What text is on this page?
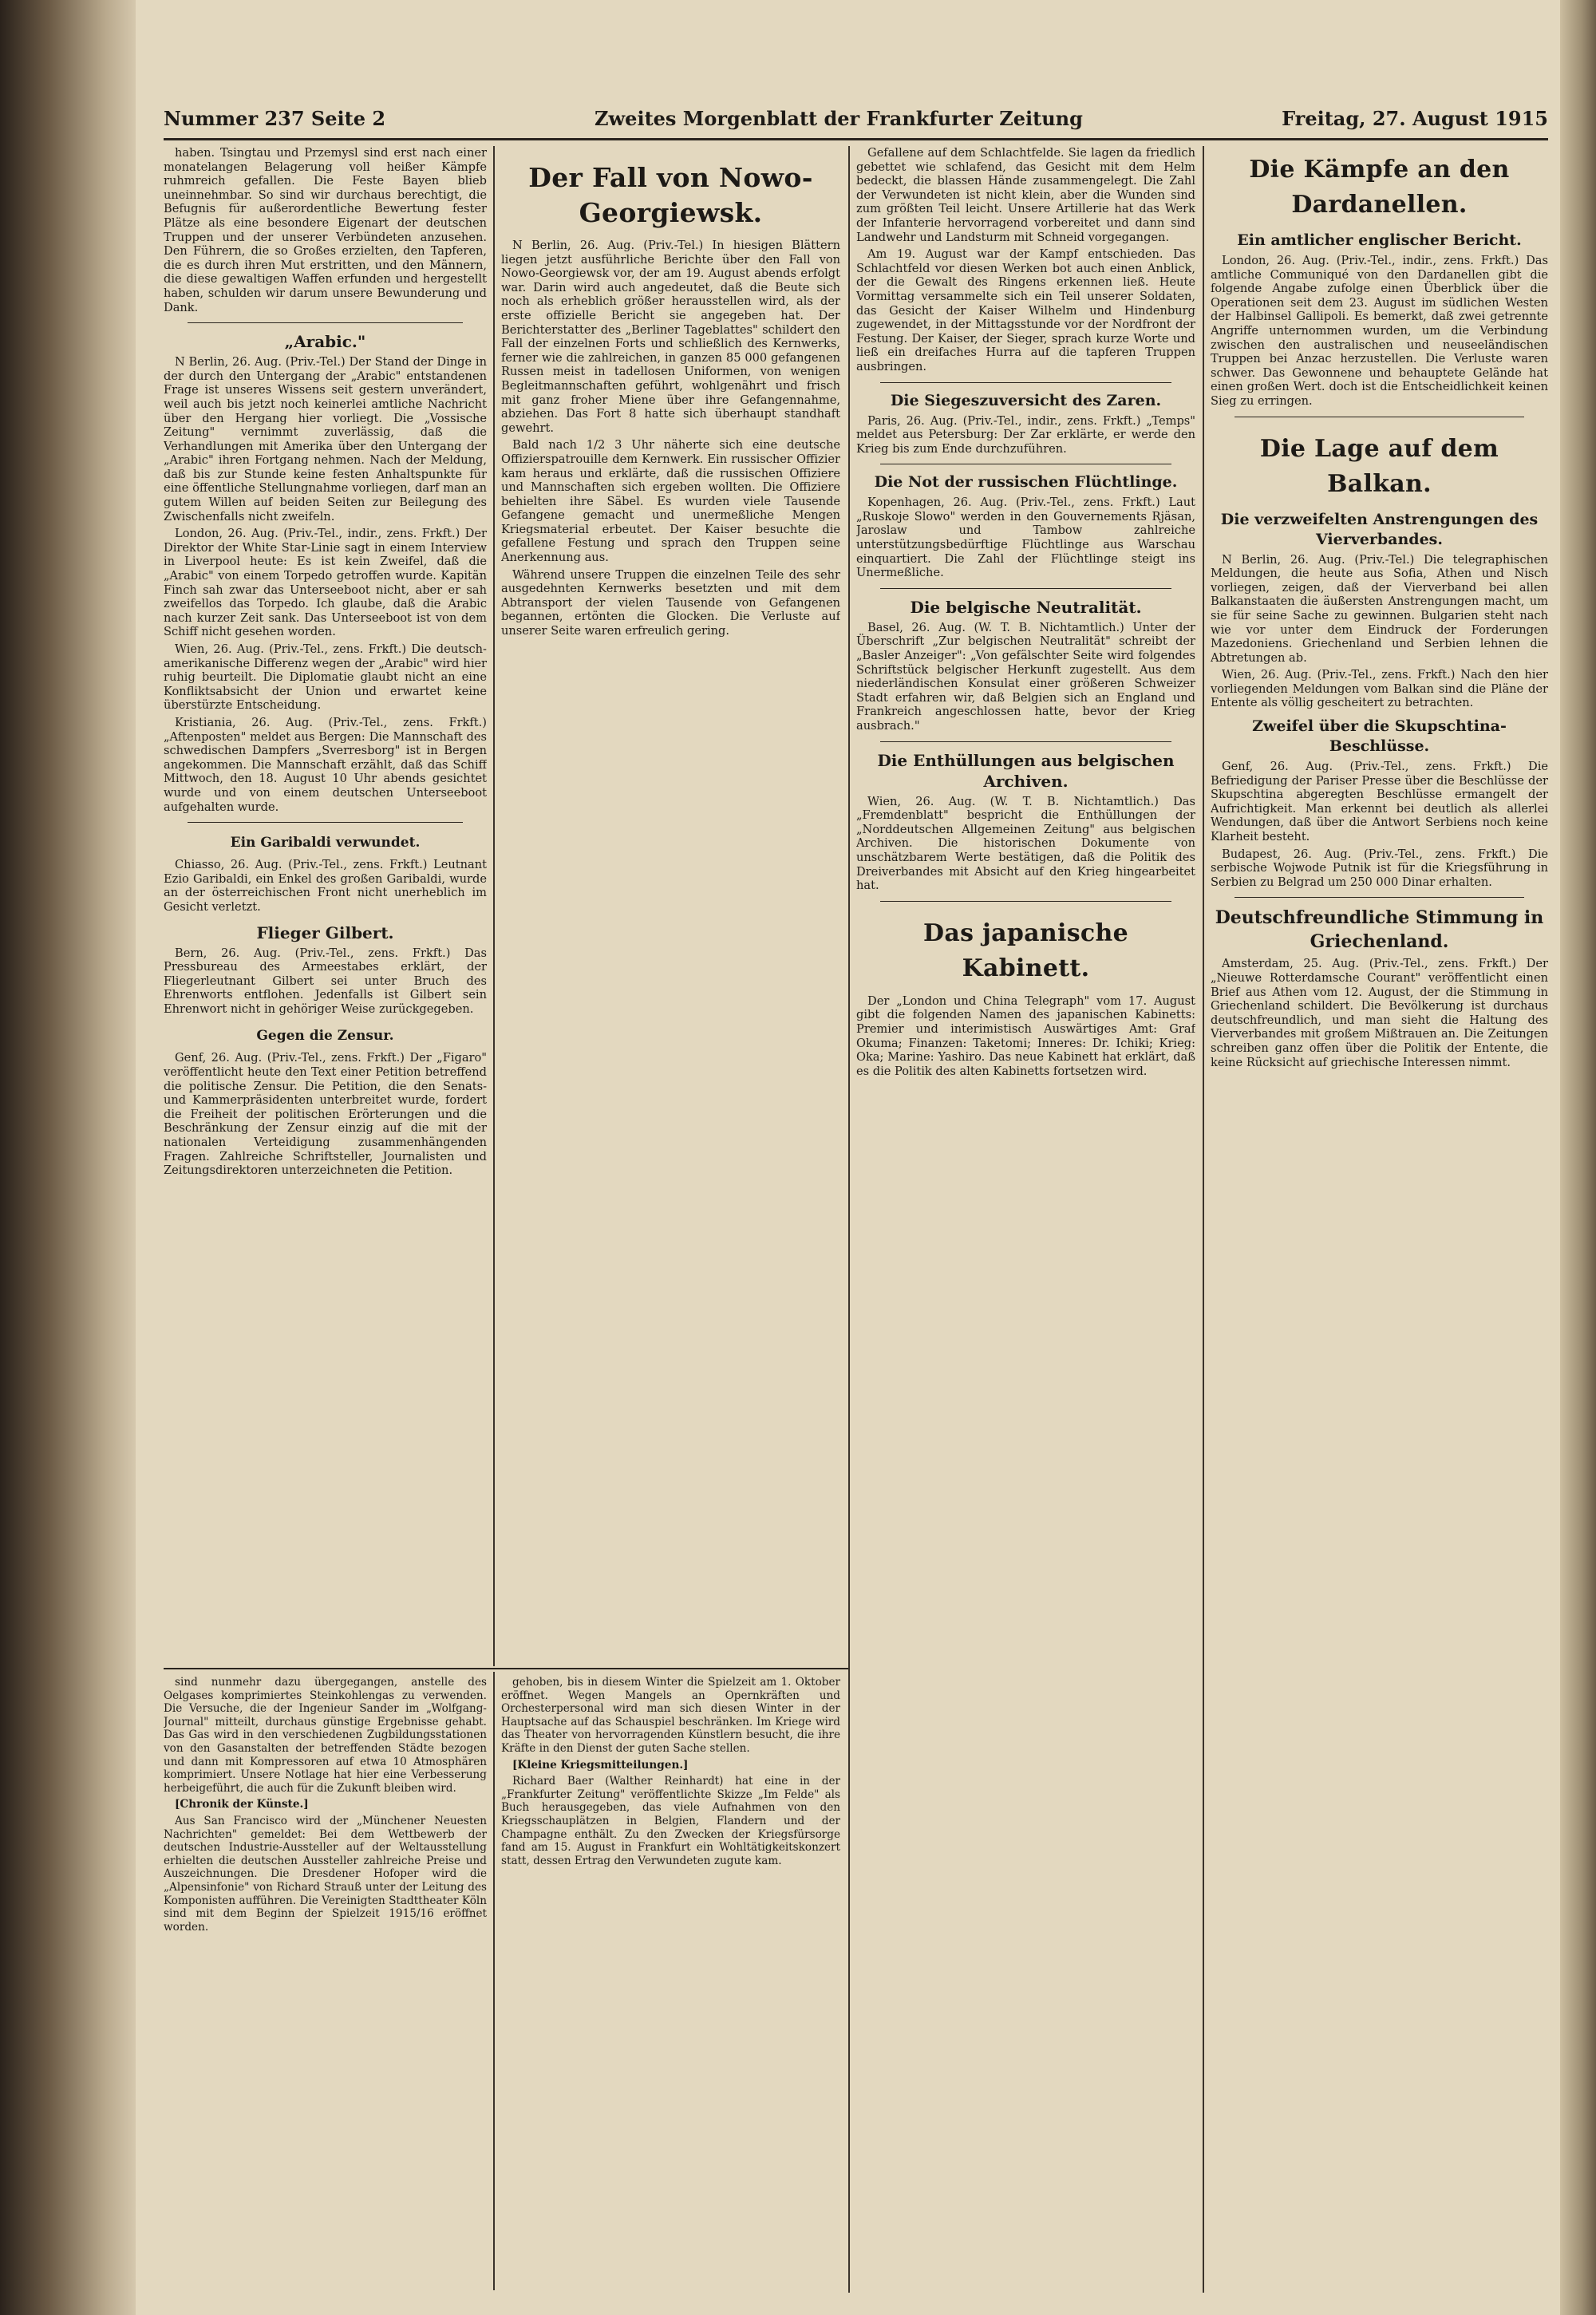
Nummer 237 Seite 2	Zweites Morgenblatt der Frankfurter Zeitung	Freitag, 27. August 1915

haben. Tsingtau und Przemysl sind erst nach einer monatelangen Belagerung voll heißer Kämpfe ruhmreich gefallen. Die Feste Bayen blieb uneinnehmbar. So sind wir durchaus berechtigt, die Befugnis für außerordentliche Bewertung fester Plätze als eine besondere Eigenart der deutschen Truppen und der unserer Verbündeten anzusehen. Den Führern, die so Großes erzielten, den Tapferen, die es durch ihren Mut erstritten, und den Männern, die diese gewaltigen Waffen erfunden und hergestellt haben, schulden wir darum unsere Bewunderung und Dank.

„Arabic."

N Berlin, 26. Aug. (Priv.-Tel.) Der Stand der Dinge in der durch den Untergang der „Arabic" entstandenen Frage ist unseres Wissens seit gestern unverändert, weil auch bis jetzt noch keinerlei amtliche Nachricht über den Hergang hier vorliegt. Die „Vossische Zeitung" vernimmt zuverlässig, daß die Verhandlungen mit Amerika über den Untergang der „Arabic" ihren Fortgang nehmen. Nach der Meldung, daß bis zur Stunde keine festen Anhaltspunkte für eine öffentliche Stellungnahme vorliegen, darf man an gutem Willen auf beiden Seiten zur Beilegung des Zwischenfalls nicht zweifeln.

London, 26. Aug. (Priv.-Tel., indir., zens. Frkft.) Der Direktor der White Star-Linie sagt in einem Interview in Liverpool heute: Es ist kein Zweifel, daß die „Arabic" von einem Torpedo getroffen wurde. Kapitän Finch sah zwar das Unterseeboot nicht, aber er sah zweifellos das Torpedo. Ich glaube, daß die Arabic nach kurzer Zeit sank. Das Unterseeboot ist von dem Schiff nicht gesehen worden.

Wien, 26. Aug. (Priv.-Tel., zens. Frkft.) Die deutsch-amerikanische Differenz wegen der „Arabic" wird hier ruhig beurteilt. Die Diplomatie glaubt nicht an eine Konfliktsabsicht der Union und erwartet keine überstürzte Entscheidung.

Kristiania, 26. Aug. (Priv.-Tel., zens. Frkft.) „Aftenposten" meldet aus Bergen: Die Mannschaft des schwedischen Dampfers „Sverresborg" ist in Bergen angekommen. Die Mannschaft erzählt, daß das Schiff Mittwoch, den 18. August 10 Uhr abends gesichtet wurde und von einem deutschen Unterseeboot aufgehalten wurde.

Ein Garibaldi verwundet.

Chiasso, 26. Aug. (Priv.-Tel., zens. Frkft.) Leutnant Ezio Garibaldi, ein Enkel des großen Garibaldi, wurde an der österreichischen Front nicht unerheblich im Gesicht verletzt.

Flieger Gilbert.

Bern, 26. Aug. (Priv.-Tel., zens. Frkft.) Das Pressbureau des Armeestabes erklärt, der Fliegerleutnant Gilbert sei unter Bruch des Ehrenworts entflohen. Jedenfalls ist Gilbert sein Ehrenwort nicht in gehöriger Weise zurückgegeben.

Gegen die Zensur.

Genf, 26. Aug. (Priv.-Tel., zens. Frkft.) Der „Figaro" veröffentlicht heute den Text einer Petition betreffend die politische Zensur. Die Petition, die den Senats- und Kammerpräsidenten unterbreitet wurde, fordert die Freiheit der politischen Erörterungen und die Beschränkung der Zensur einzig auf die mit der nationalen Verteidigung zusammenhängenden Fragen. Zahlreiche Schriftsteller, Journalisten und Zeitungsdirektoren unterzeichneten die Petition.

Der Fall von Nowo-Georgiewsk.

N Berlin, 26. Aug. (Priv.-Tel.) In hiesigen Blättern liegen jetzt ausführliche Berichte über den Fall von Nowo-Georgiewsk vor, der am 19. August abends erfolgt war. Darin wird auch angedeutet, daß die Beute sich noch als erheblich größer herausstellen wird, als der erste offizielle Bericht sie angegeben hat. Der Berichterstatter des „Berliner Tageblattes" schildert den Fall der einzelnen Forts und schließlich des Kernwerks, ferner wie die zahlreichen, in ganzen 85 000 gefangenen Russen meist in tadellosen Uniformen, von wenigen Begleitmannschaften geführt, wohlgenährt und frisch mit ganz froher Miene über ihre Gefangennahme, abziehen. Das Fort 8 hatte sich überhaupt standhaft gewehrt.

Bald nach 1/2 3 Uhr näherte sich eine deutsche Offizierspatrouille dem Kernwerk. Ein russischer Offizier kam heraus und erklärte, daß die russischen Offiziere und Mannschaften sich ergeben wollten. Die Offiziere behielten ihre Säbel. Es wurden viele Tausende Gefangene gemacht und unermeßliche Mengen Kriegsmaterial erbeutet. Der Kaiser besuchte die gefallene Festung und sprach den Truppen seine Anerkennung aus.

Während unsere Truppen die einzelnen Teile des sehr ausgedehnten Kernwerks besetzten und mit dem Abtransport der vielen Tausende von Gefangenen begannen, ertönten die Glocken. Die Verluste auf unserer Seite waren erfreulich gering.

Gefallene auf dem Schlachtfelde. Sie lagen da friedlich gebettet wie schlafend, das Gesicht mit dem Helm bedeckt, die blassen Hände zusammengelegt. Die Zahl der Verwundeten ist nicht klein, aber die Wunden sind zum größten Teil leicht. Unsere Artillerie hat das Werk der Infanterie hervorragend vorbereitet und dann sind Landwehr und Landsturm mit Schneid vorgegangen.

Am 19. August war der Kampf entschieden. Das Schlachtfeld vor diesen Werken bot auch einen Anblick, der die Gewalt des Ringens erkennen ließ. Heute Vormittag versammelte sich ein Teil unserer Soldaten, das Gesicht der Kaiser Wilhelm und Hindenburg zugewendet, in der Mittagsstunde vor der Nordfront der Festung. Der Kaiser, der Sieger, sprach kurze Worte und ließ ein dreifaches Hurra auf die tapferen Truppen ausbringen.

Die Siegeszuversicht des Zaren.

Paris, 26. Aug. (Priv.-Tel., indir., zens. Frkft.) „Temps" meldet aus Petersburg: Der Zar erklärte, er werde den Krieg bis zum Ende durchzuführen.

Die Not der russischen Flüchtlinge.

Kopenhagen, 26. Aug. (Priv.-Tel., zens. Frkft.) Laut „Ruskoje Slowo" werden in den Gouvernements Rjäsan, Jaroslaw und Tambow zahlreiche unterstützungsbedürftige Flüchtlinge aus Warschau einquartiert. Die Zahl der Flüchtlinge steigt ins Unermeßliche.

Die belgische Neutralität.

Basel, 26. Aug. (W. T. B. Nichtamtlich.) Unter der Überschrift „Zur belgischen Neutralität" schreibt der „Basler Anzeiger": „Von gefälschter Seite wird folgendes Schriftstück belgischer Herkunft zugestellt. Aus dem niederländischen Konsulat einer größeren Schweizer Stadt erfahren wir, daß Belgien sich an England und Frankreich angeschlossen hatte, bevor der Krieg ausbrach."

Die Enthüllungen aus belgischen Archiven.

Wien, 26. Aug. (W. T. B. Nichtamtlich.) Das „Fremdenblatt" bespricht die Enthüllungen der „Norddeutschen Allgemeinen Zeitung" aus belgischen Archiven. Die historischen Dokumente von unschätzbarem Werte bestätigen, daß die Politik des Dreiverbandes mit Absicht auf den Krieg hingearbeitet hat.

Das japanische Kabinett.

Der „London und China Telegraph" vom 17. August gibt die folgenden Namen des japanischen Kabinetts: Premier und interimistisch Auswärtiges Amt: Graf Okuma; Finanzen: Taketomi; Inneres: Dr. Ichiki; Krieg: Oka; Marine: Yashiro. Das neue Kabinett hat erklärt, daß es die Politik des alten Kabinetts fortsetzen wird.

Die Kämpfe an den Dardanellen.
Ein amtlicher englischer Bericht.

London, 26. Aug. (Priv.-Tel., indir., zens. Frkft.) Das amtliche Communiqué von den Dardanellen gibt die folgende Angabe zufolge einen Überblick über die Operationen seit dem 23. August im südlichen Westen der Halbinsel Gallipoli. Es bemerkt, daß zwei getrennte Angriffe unternommen wurden, um die Verbindung zwischen den australischen und neuseeländischen Truppen bei Anzac herzustellen. Die Verluste waren schwer. Das Gewonnene und behauptete Gelände hat einen großen Wert. doch ist die Entscheidlichkeit keinen Sieg zu erringen.

Die Lage auf dem Balkan.
Die verzweifelten Anstrengungen des Vierverbandes.

N Berlin, 26. Aug. (Priv.-Tel.) Die telegraphischen Meldungen, die heute aus Sofia, Athen und Nisch vorliegen, zeigen, daß der Vierverband bei allen Balkanstaaten die äußersten Anstrengungen macht, um sie für seine Sache zu gewinnen. Bulgarien steht nach wie vor unter dem Eindruck der Forderungen Mazedoniens. Griechenland und Serbien lehnen die Abtretungen ab.

Wien, 26. Aug. (Priv.-Tel., zens. Frkft.) Nach den hier vorliegenden Meldungen vom Balkan sind die Pläne der Entente als völlig gescheitert zu betrachten.

Zweifel über die Skupschtina-Beschlüsse.

Genf, 26. Aug. (Priv.-Tel., zens. Frkft.) Die Befriedigung der Pariser Presse über die Beschlüsse der Skupschtina abgeregten Beschlüsse ermangelt der Aufrichtigkeit. Man erkennt bei deutlich als allerlei Wendungen, daß über die Antwort Serbiens noch keine Klarheit besteht.

Budapest, 26. Aug. (Priv.-Tel., zens. Frkft.) Die serbische Wojwode Putnik ist für die Kriegsführung in Serbien zu Belgrad um 250 000 Dinar erhalten.

Deutschfreundliche Stimmung in Griechenland.

Amsterdam, 25. Aug. (Priv.-Tel., zens. Frkft.) Der „Nieuwe Rotterdamsche Courant" veröffentlicht einen Brief aus Athen vom 12. August, der die Stimmung in Griechenland schildert. Die Bevölkerung ist durchaus deutschfreundlich, und man sieht die Haltung des Vierverbandes mit großem Mißtrauen an. Die Zeitungen schreiben ganz offen über die Politik der Entente, die keine Rücksicht auf griechische Interessen nimmt.

sind nunmehr dazu übergegangen, anstelle des Oelgases komprimiertes Steinkohlengas zu verwenden. Die Versuche, die der Ingenieur Sander im „Wolfgang-Journal" mitteilt, durchaus günstige Ergebnisse gehabt. Das Gas wird in den verschiedenen Zugbildungsstationen von den Gasanstalten der betreffenden Städte bezogen und dann mit Kompressoren auf etwa 10 Atmosphären komprimiert. Unsere Notlage hat hier eine Verbesserung herbeigeführt, die auch für die Zukunft bleiben wird.

[Chronik der Künste.]

Aus San Francisco wird der „Münchener Neuesten Nachrichten" gemeldet: Bei dem Wettbewerb der deutschen Industrie-Aussteller auf der Weltausstellung erhielten die deutschen Aussteller zahlreiche Preise und Auszeichnungen. Die Dresdener Hofoper wird die „Alpensinfonie" von Richard Strauß unter der Leitung des Komponisten aufführen. Die Vereinigten Stadttheater Köln sind mit dem Beginn der Spielzeit 1915/16 eröffnet worden.

gehoben, bis in diesem Winter die Spielzeit am 1. Oktober eröffnet. Wegen Mangels an Opernkräften und Orchesterpersonal wird man sich diesen Winter in der Hauptsache auf das Schauspiel beschränken. Im Kriege wird das Theater von hervorragenden Künstlern besucht, die ihre Kräfte in den Dienst der guten Sache stellen.

[Kleine Kriegsmitteilungen.]

Richard Baer (Walther Reinhardt) hat eine in der „Frankfurter Zeitung" veröffentlichte Skizze „Im Felde" als Buch herausgegeben, das viele Aufnahmen von den Kriegsschauplätzen in Belgien, Flandern und der Champagne enthält. Zu den Zwecken der Kriegsfürsorge fand am 15. August in Frankfurt ein Wohltätigkeitskonzert statt, dessen Ertrag den Verwundeten zugute kam.
